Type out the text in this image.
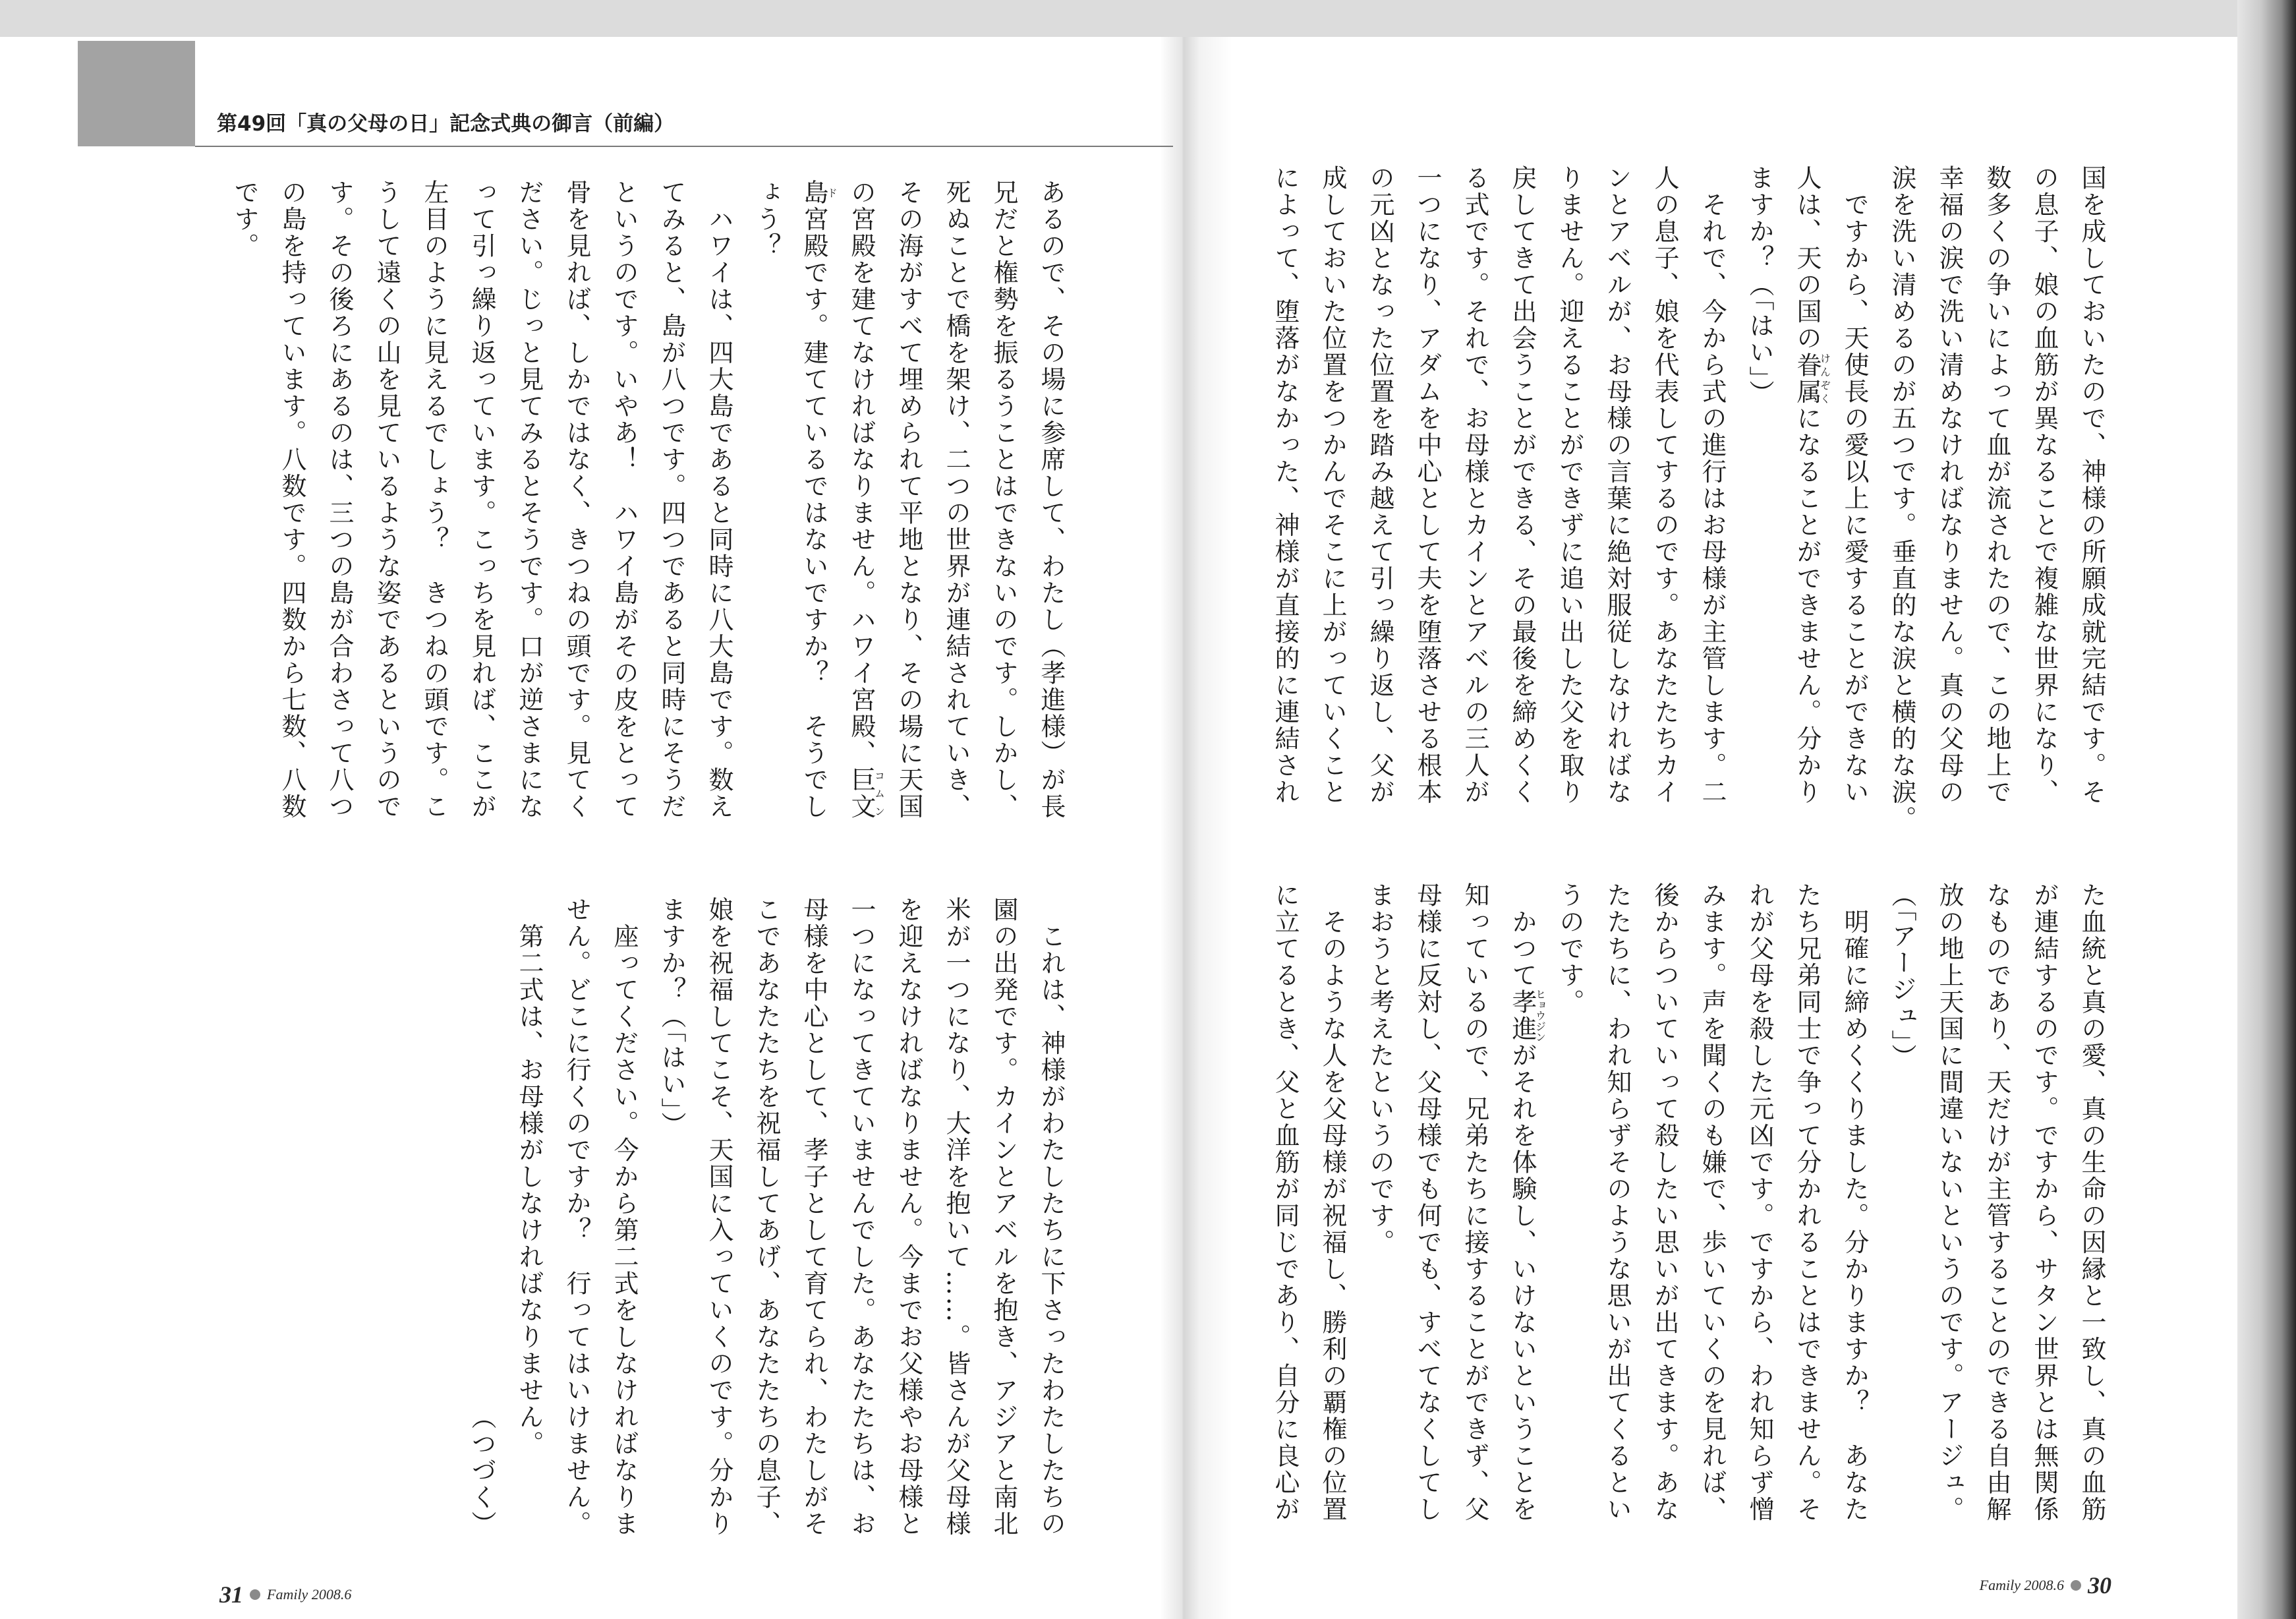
第49回「真の父母の日」記念式典の御言（前編）
国を成しておいたので、神様の所願成就完結です。そ
の息子、娘の血筋が異なることで複雑な世界になり、
数多くの争いによって血が流されたので、この地上で
幸福の涙で洗い清めなければなりません。真の父母の
涙を洗い清めるのが五つです。垂直的な涙と横的な涙。
　ですから、天使長の愛以上に愛することができない
人は、天の国の眷属けんぞくになることができません。分かり
ますか？（「はい」）
　それで、今から式の進行はお母様が主管します。二
人の息子、娘を代表してするのです。あなたたちカイ
ンとアベルが、お母様の言葉に絶対服従しなければな
りません。迎えることができずに追い出した父を取り
戻してきて出会うことができる、その最後を締めくく
る式です。それで、お母様とカインとアベルの三人が
一つになり、アダムを中心として夫を堕落させる根本
の元凶となった位置を踏み越えて引っ繰り返し、父が
成しておいた位置をつかんでそこに上がっていくこと
によって、堕落がなかった、神様が直接的に連結され
た血統と真の愛、真の生命の因縁と一致し、真の血筋
が連結するのです。ですから、サタン世界とは無関係
なものであり、天だけが主管することのできる自由解
放の地上天国に間違いないというのです。アージュ。
（「アージュ」）
　明確に締めくくりました。分かりますか？　あなた
たち兄弟同士で争って分かれることはできません。そ
れが父母を殺した元凶です。ですから、われ知らず憎
みます。声を聞くのも嫌で、歩いていくのを見れば、
後からついていって殺したい思いが出てきます。あな
たたちに、われ知らずそのような思いが出てくるとい
うのです。
　かつて孝進ヒョウジンがそれを体験し、いけないということを
知っているので、兄弟たちに接することができず、父
母様に反対し、父母様でも何でも、すべてなくしてし
まおうと考えたというのです。
　そのような人を父母様が祝福し、勝利の覇権の位置
に立てるとき、父と血筋が同じであり、自分に良心が
あるので、その場に参席して、わたし（孝進様）が長
兄だと権勢を振るうことはできないのです。しかし、
死ぬことで橋を架け、二つの世界が連結されていき、
その海がすべて埋められて平地となり、その場に天国
の宮殿を建てなければなりません。ハワイ宮殿、巨文コムン
島ド宮殿です。建てているではないですか？　そうでし
ょう？
　ハワイは、四大島であると同時に八大島です。数え
てみると、島が八つです。四つであると同時にそうだ
というのです。いやあ！　ハワイ島がその皮をとって
骨を見れば、しかではなく、きつねの頭です。見てく
ださい。じっと見てみるとそうです。口が逆さまにな
って引っ繰り返っています。こっちを見れば、ここが
左目のように見えるでしょう？　きつねの頭です。こ
うして遠くの山を見ているような姿であるというので
す。その後ろにあるのは、三つの島が合わさって八つ
の島を持っています。八数です。四数から七数、八数
です。
　これは、神様がわたしたちに下さったわたしたちの
園の出発です。カインとアベルを抱き、アジアと南北
米が一つになり、大洋を抱いて……。皆さんが父母様
を迎えなければなりません。今までお父様やお母様と
一つになってきていませんでした。あなたたちは、お
母様を中心として、孝子として育てられ、わたしがそ
こであなたたちを祝福してあげ、あなたたちの息子、
娘を祝福してこそ、天国に入っていくのです。分かり
ますか？（「はい」）
　座ってください。今から第二式をしなければなりま
せん。どこに行くのですか？　行ってはいけません。
　第二式は、お母様がしなければなりません。
（つづく）
31 Family 2008.6
Family 2008.6 30
